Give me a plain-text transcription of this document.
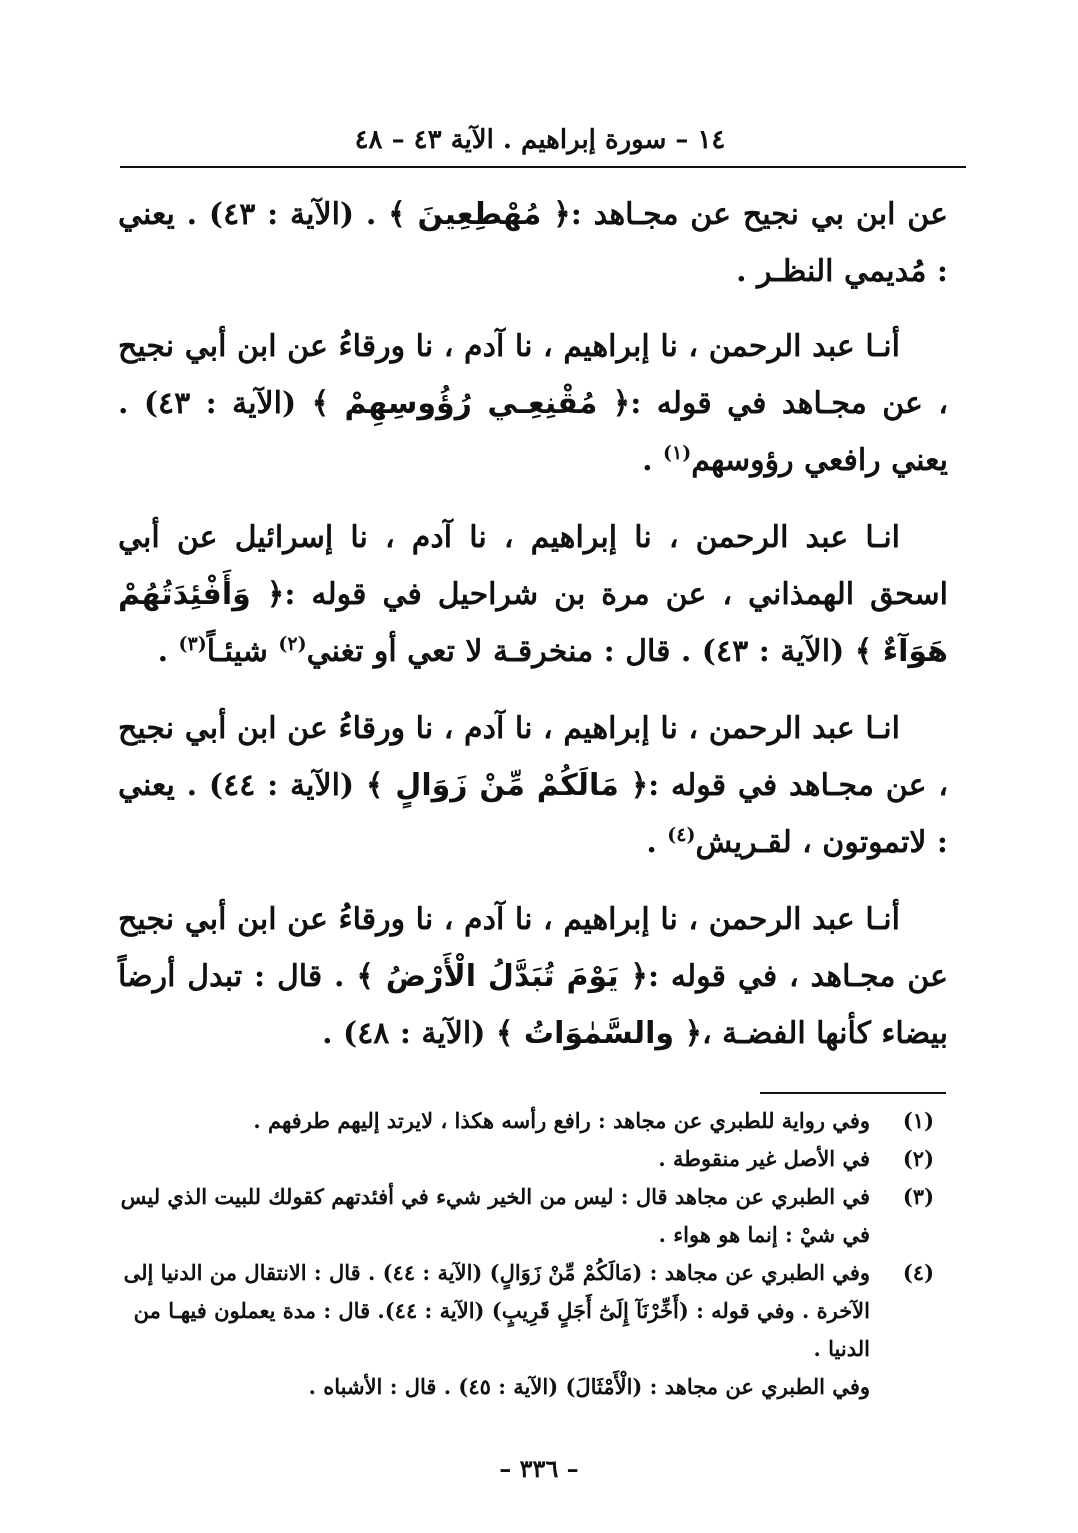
١٤ – سورة إبراهيم . الآية ٤٣ – ٤٨

عن ابن بي نجيح عن مجـاهد :﴿ مُهْطِعِينَ ﴾ . (الآية : ٤٣) . يعني : مُديمي النظـر .

أنـا عبد الرحمن ، نا إبراهيم ، نا آدم ، نا ورقاءُ عن ابن أبي نجيح ، عن مجـاهد في قوله :﴿ مُقْنِعِـي رُؤُوسِهِمْ ﴾ (الآية : ٤٣) . يعني رافعي رؤوسهم$^{(١)}$ .

انـا عبد الرحمن ، نا إبراهيم ، نا آدم ، نا إسرائيل عن أبي اسحق الهمذاني ، عن مرة بن شراحيل في قوله :﴿ وَأَفْئِدَتُهُمْ هَوَآءٌ ﴾ (الآية : ٤٣) . قال : منخرقـة لا تعي أو تغني$^{(٢)}$ شيئـاً$^{(٣)}$ .

انـا عبد الرحمن ، نا إبراهيم ، نا آدم ، نا ورقاءُ عن ابن أبي نجيح ، عن مجـاهد في قوله :﴿ مَالَكُمْ مِّنْ زَوَالٍ ﴾ (الآية : ٤٤) . يعني : لاتموتون ، لقـريش$^{(٤)}$ .

أنـا عبد الرحمن ، نا إبراهيم ، نا آدم ، نا ورقاءُ عن ابن أبي نجيح عن مجـاهد ، في قوله :﴿ يَوْمَ تُبَدَّلُ الْأَرْضُ ﴾ . قال : تبدل أرضاً بيضاء كأنها الفضـة ،﴿ والسَّمٰوَاتُ ﴾ (الآية : ٤٨) .

(١)
وفي رواية للطبري عن مجاهد : رافع رأسه هكذا ، لايرتد إليهم طرفهم .
(٢)
في الأصل غير منقوطة .
(٣)
في الطبري عن مجاهد قال : ليس من الخير شيء في أفئدتهم كقولك للبيت الذي ليس في شيْ : إنما هو هواء .
(٤)
وفي الطبري عن مجاهد : (مَالَكُمْ مِّنْ زَوَالٍ) (الآية : ٤٤) . قال : الانتقال من الدنيا إلى الآخرة . وفي قوله : (أَخِّرْنَآ إِلَىٰٓ أَجَلٍ قَرِيبٍ) (الآية : ٤٤). قال : مدة يعملون فيهـا من الدنيا .
وفي الطبري عن مجاهد : (الْأَمْثَالَ) (الآية : ٤٥) . قال : الأشباه .
– ٣٣٦ –
